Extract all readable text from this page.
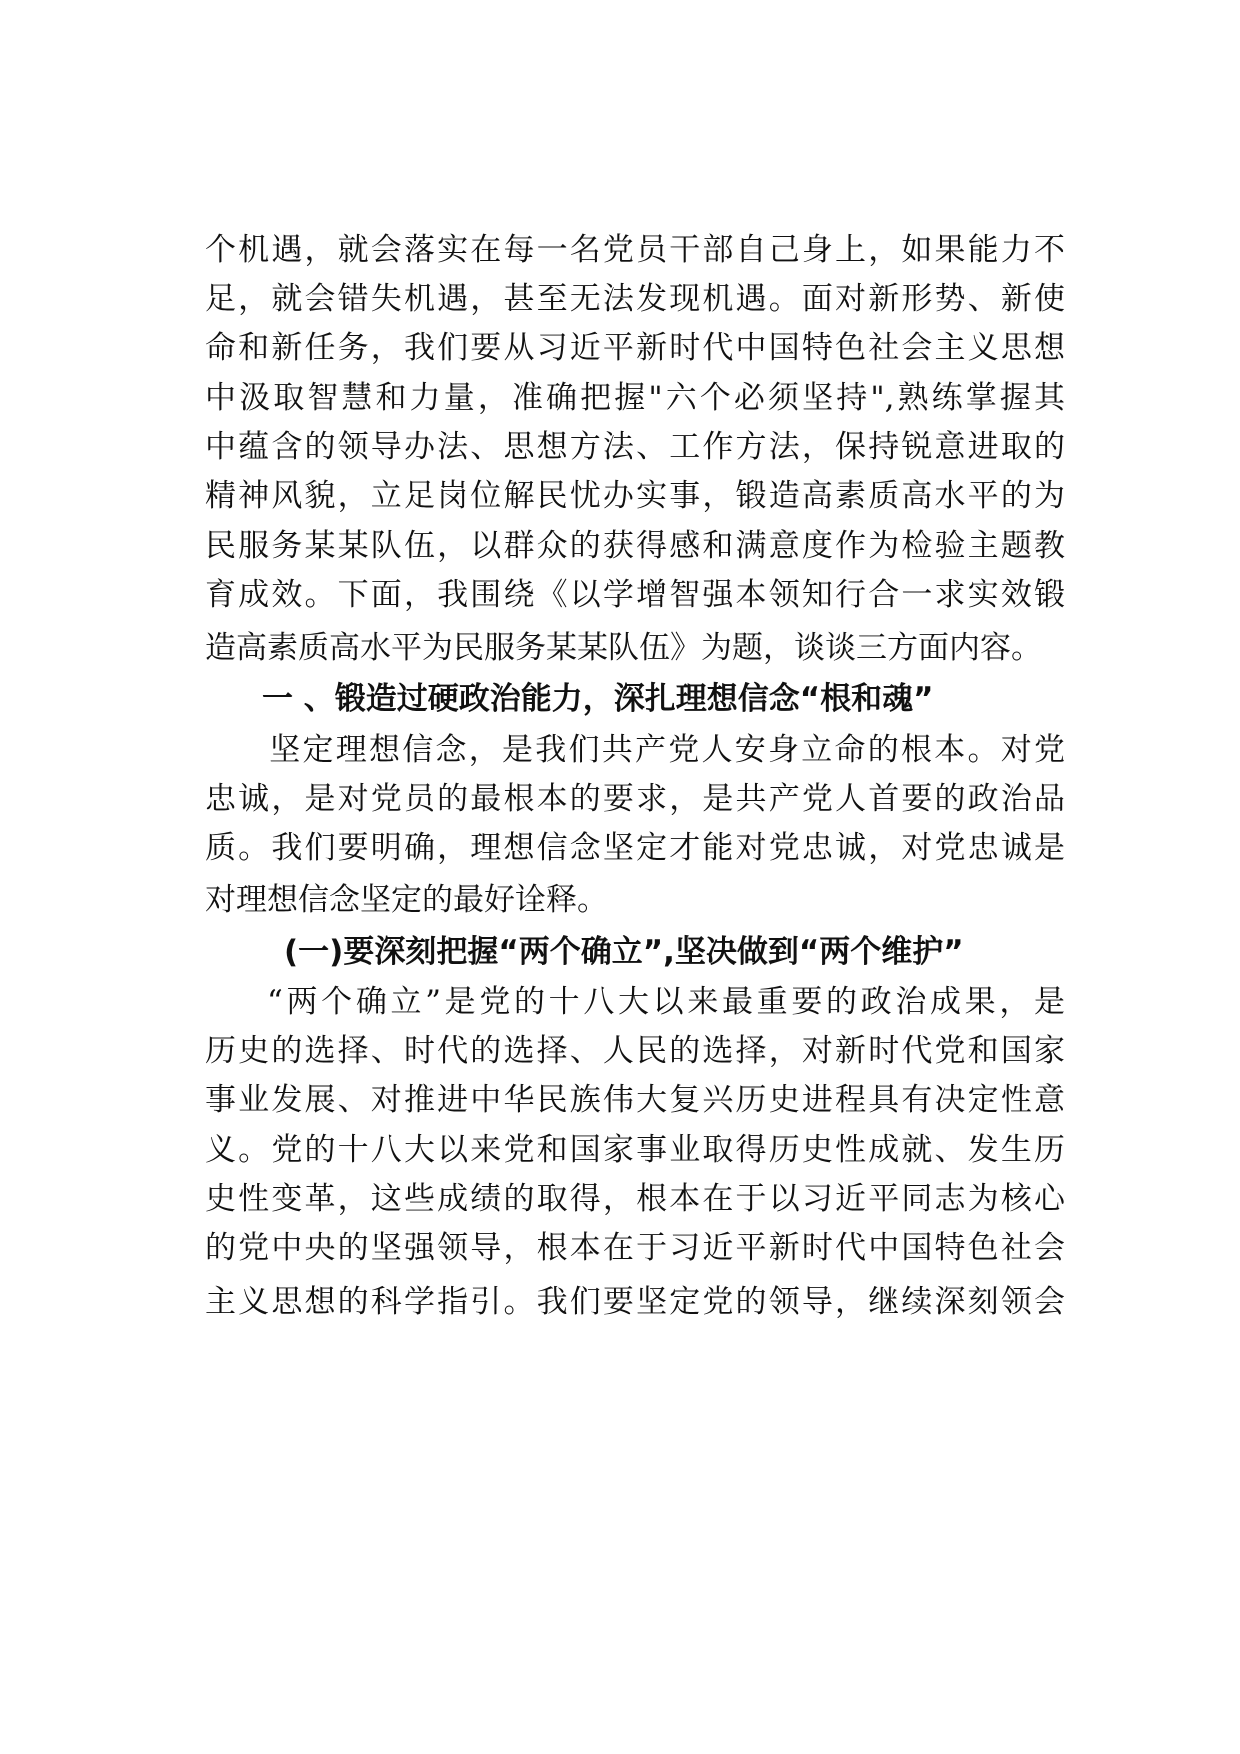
个机遇，就会落实在每一名党员干部自己身上，如果能力不
足，就会错失机遇，甚至无法发现机遇。面对新形势、新使
命和新任务，我们要从习近平新时代中国特色社会主义思想
中汲取智慧和力量，准确把握"六个必须坚持",熟练掌握其
中蕴含的领导办法、思想方法、工作方法，保持锐意进取的
精神风貌，立足岗位解民忧办实事，锻造高素质高水平的为
民服务某某队伍，以群众的获得感和满意度作为检验主题教
育成效。下面，我围绕《以学增智强本领知行合一求实效锻
造高素质高水平为民服务某某队伍》为题，谈谈三方面内容。
一 、锻造过硬政治能力，深扎理想信念“根和魂”
坚定理想信念，是我们共产党人安身立命的根本。对党
忠诚，是对党员的最根本的要求，是共产党人首要的政治品
质。我们要明确，理想信念坚定才能对党忠诚，对党忠诚是
对理想信念坚定的最好诠释。
(一)要深刻把握“两个确立”,坚决做到“两个维护”
“两个确立”是党的十八大以来最重要的政治成果，是
历史的选择、时代的选择、人民的选择，对新时代党和国家
事业发展、对推进中华民族伟大复兴历史进程具有决定性意
义。党的十八大以来党和国家事业取得历史性成就、发生历
史性变革，这些成绩的取得，根本在于以习近平同志为核心
的党中央的坚强领导，根本在于习近平新时代中国特色社会
主义思想的科学指引。我们要坚定党的领导，继续深刻领会
